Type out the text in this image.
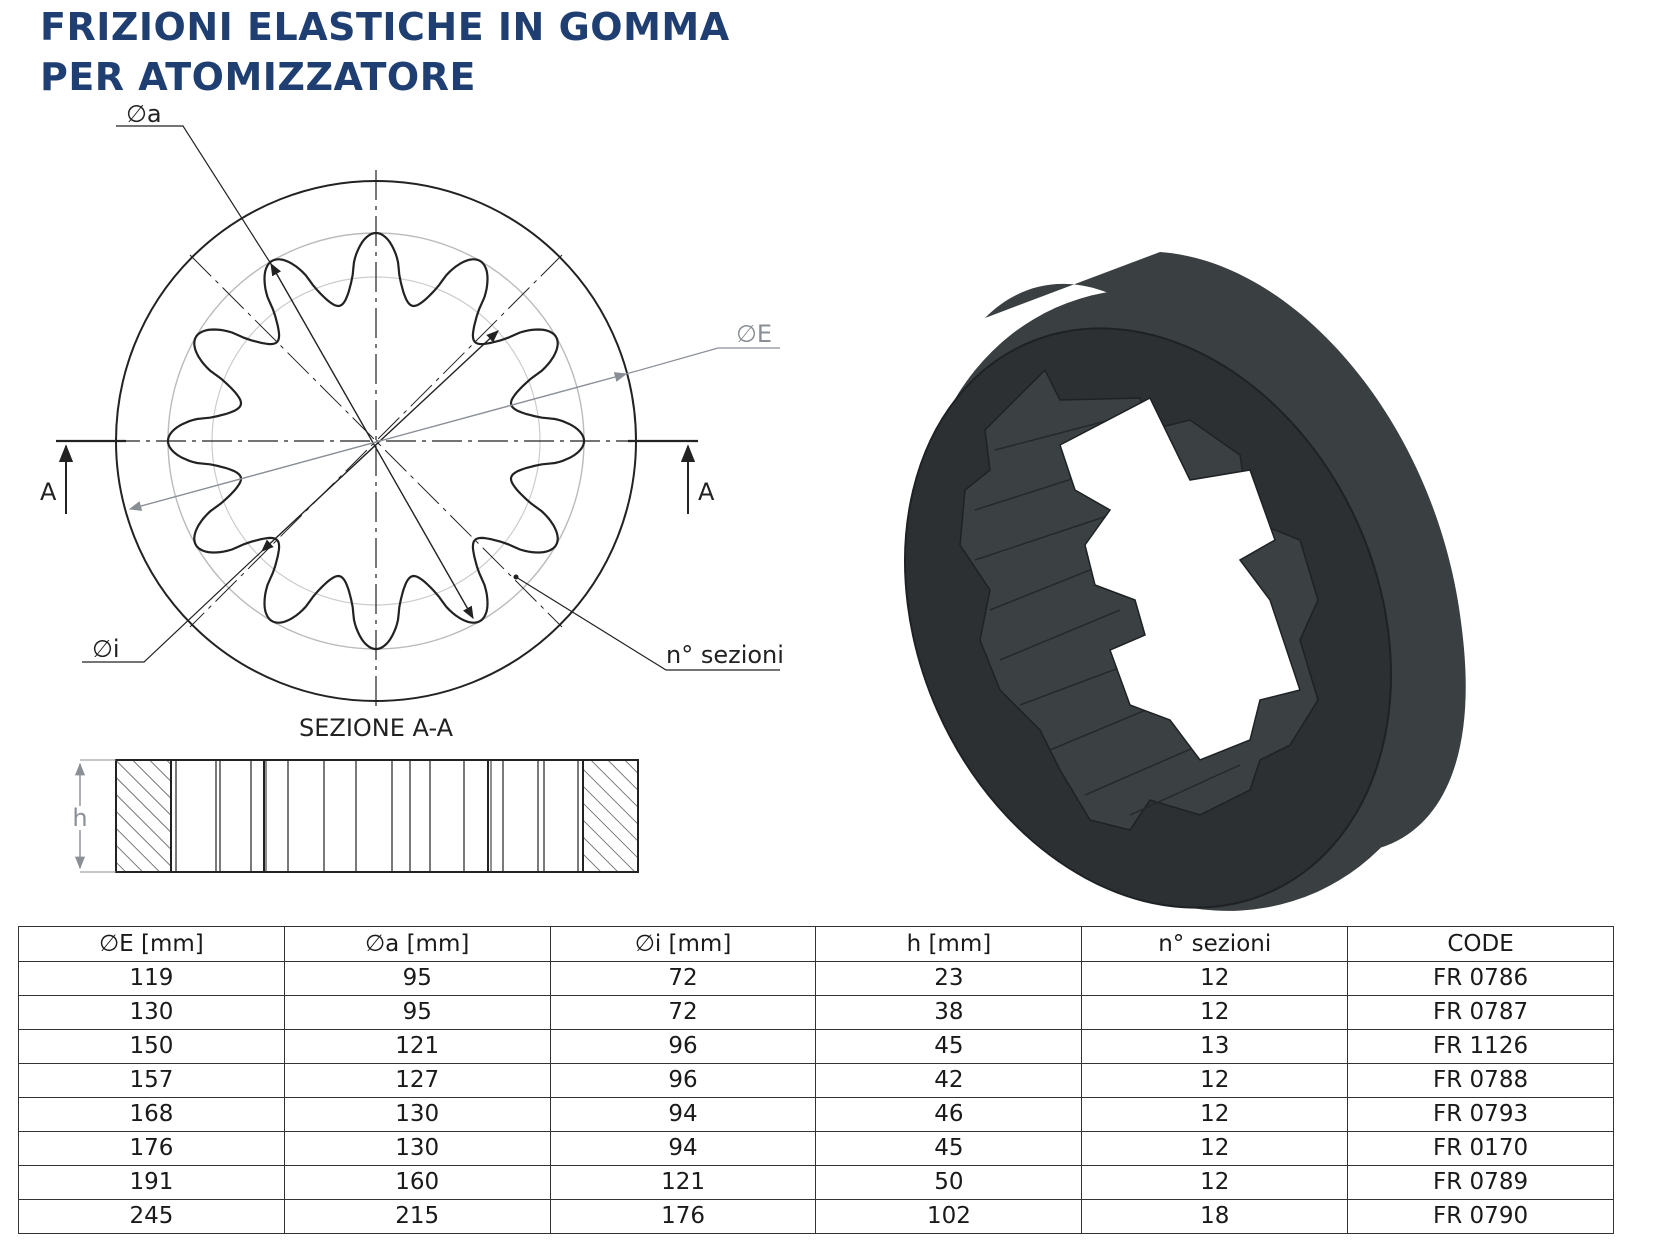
FRIZIONI ELASTICHE IN GOMMA
PER ATOMIZZATORE
∅a
∅i
∅E
n° sezioni
A	A
SEZIONE A-A
h
∅E [mm]	∅a [mm]	∅i [mm]	h [mm]	n° sezioni	CODE
119	95	72	23	12	FR 0786
130	95	72	38	12	FR 0787
150	121	96	45	13	FR 1126
157	127	96	42	12	FR 0788
168	130	94	46	12	FR 0793
176	130	94	45	12	FR 0170
191	160	121	50	12	FR 0789
245	215	176	102	18	FR 0790
